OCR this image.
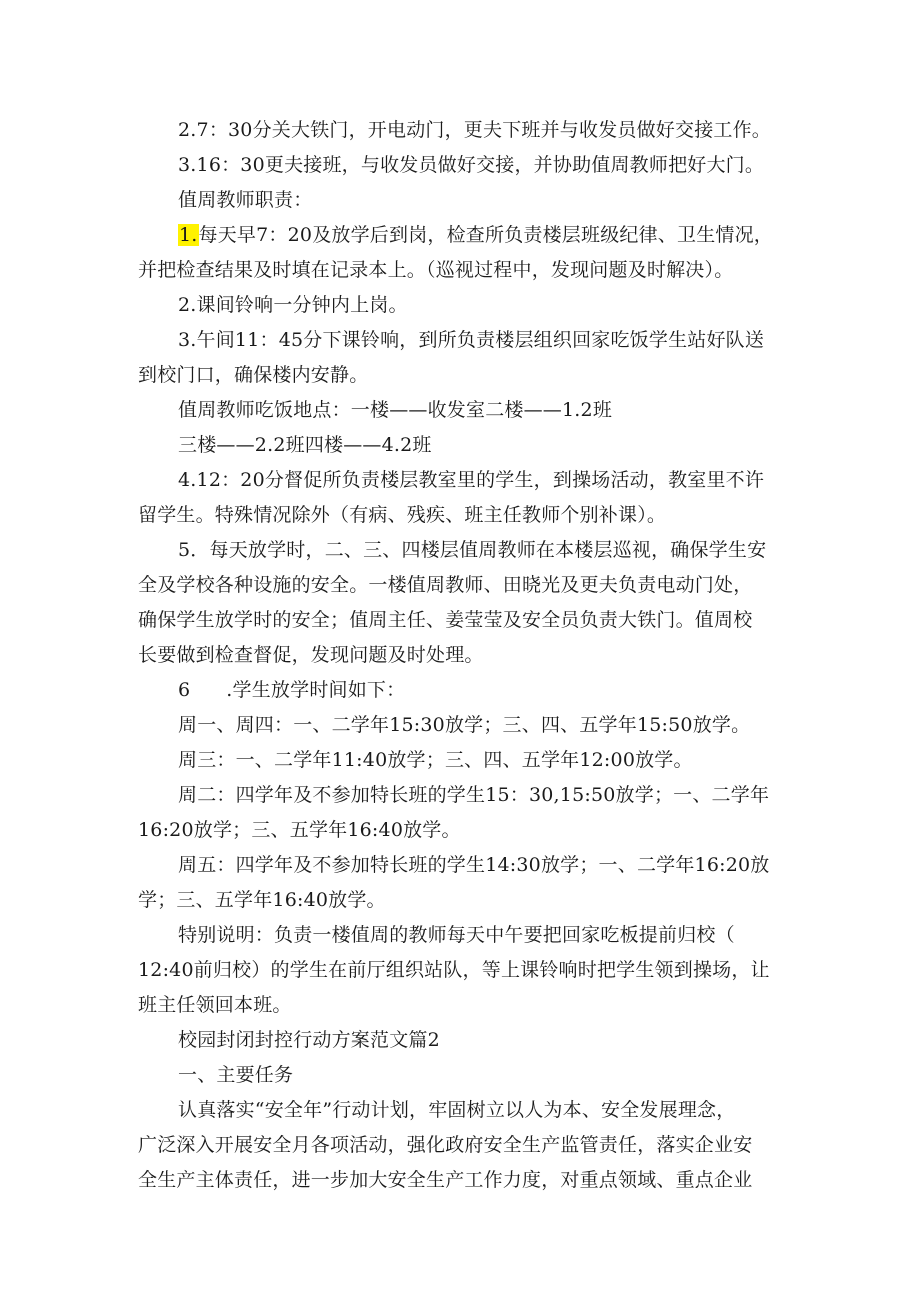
2.7：30分关大铁门，开电动门，更夫下班并与收发员做好交接工作。
3.16：30更夫接班，与收发员做好交接，并协助值周教师把好大门。
值周教师职责：
1.每天早7：20及放学后到岗，检查所负责楼层班级纪律、卫生情况，
并把检查结果及时填在记录本上。（巡视过程中，发现问题及时解决）。
2.课间铃响一分钟内上岗。
3.午间11：45分下课铃响，到所负责楼层组织回家吃饭学生站好队送
到校门口，确保楼内安静。
值周教师吃饭地点：一楼——收发室二楼——1.2班
三楼——2.2班四楼——4.2班
4.12：20分督促所负责楼层教室里的学生，到操场活动，教室里不许
留学生。特殊情况除外（有病、残疾、班主任教师个别补课）。
5．每天放学时，二、三、四楼层值周教师在本楼层巡视，确保学生安
全及学校各种设施的安全。一楼值周教师、田晓光及更夫负责电动门处，
确保学生放学时的安全；值周主任、姜莹莹及安全员负责大铁门。值周校
长要做到检查督促，发现问题及时处理。
6 .学生放学时间如下：
周一、周四：一、二学年15:30放学；三、四、五学年15:50放学。
周三：一、二学年11:40放学；三、四、五学年12:00放学。
周二：四学年及不参加特长班的学生15：30,15:50放学；一、二学年
16:20放学；三、五学年16:40放学。
周五：四学年及不参加特长班的学生14:30放学；一、二学年16:20放
学；三、五学年16:40放学。
特别说明：负责一楼值周的教师每天中午要把回家吃板提前归校（
12:40前归校）的学生在前厅组织站队，等上课铃响时把学生领到操场，让
班主任领回本班。
校园封闭封控行动方案范文篇2
一、主要任务
认真落实“安全年”行动计划，牢固树立以人为本、安全发展理念，
广泛深入开展安全月各项活动，强化政府安全生产监管责任，落实企业安
全生产主体责任，进一步加大安全生产工作力度，对重点领域、重点企业
